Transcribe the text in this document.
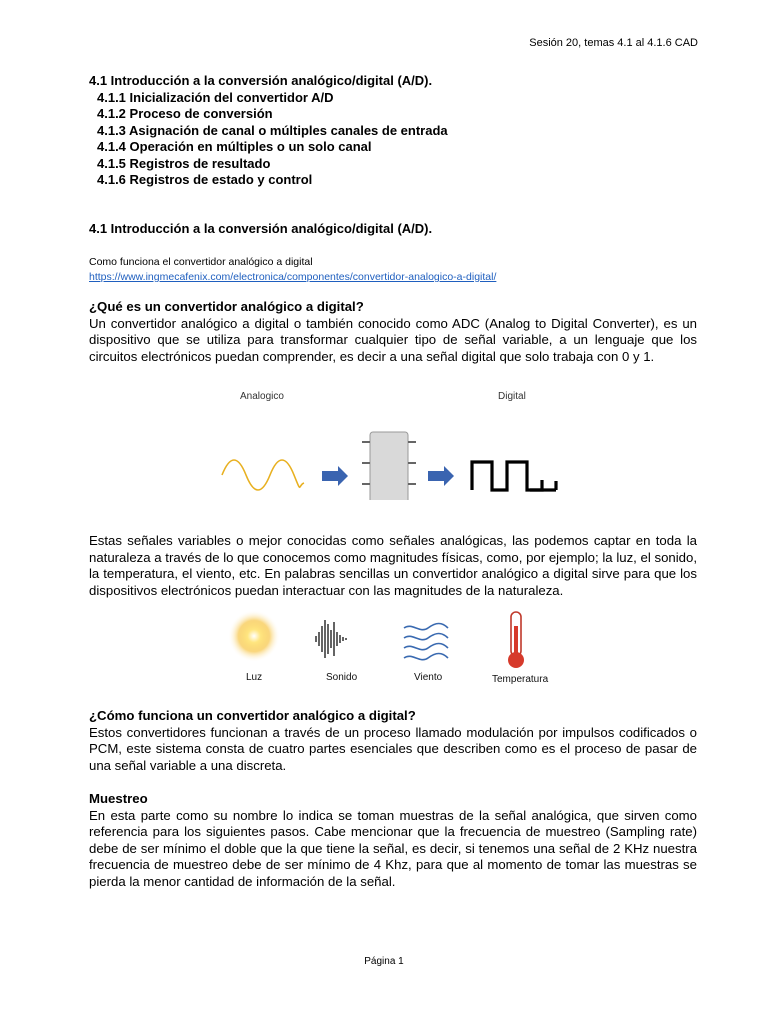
Sesión 20, temas 4.1 al 4.1.6 CAD
4.1 Introducción a la conversión analógico/digital (A/D).
4.1.1 Inicialización del convertidor A/D
4.1.2 Proceso de conversión
4.1.3 Asignación de canal o múltiples canales de entrada
4.1.4 Operación en múltiples o un solo canal
4.1.5 Registros de resultado
4.1.6 Registros de estado y control
4.1 Introducción a la conversión analógico/digital (A/D).
Como funciona el convertidor analógico a digital
https://www.ingmecafenix.com/electronica/componentes/convertidor-analogico-a-digital/
¿Qué es un convertidor analógico a digital?
Un convertidor analógico a digital o también conocido como ADC (Analog to Digital Converter), es un dispositivo que se utiliza para transformar cualquier tipo de señal variable, a un lenguaje que los circuitos electrónicos puedan comprender, es decir a una señal digital que solo trabaja con 0 y 1.
Analogico	Digital
Estas señales variables o mejor conocidas como señales analógicas, las podemos captar en toda la naturaleza a través de lo que conocemos como magnitudes físicas, como, por ejemplo; la luz, el sonido, la temperatura, el viento, etc. En palabras sencillas un convertidor analógico a digital sirve para que los dispositivos electrónicos puedan interactuar con las magnitudes de la naturaleza.
Luz	Sonido	Viento	Temperatura
¿Cómo funciona un convertidor analógico a digital?
Estos convertidores funcionan a través de un proceso llamado modulación por impulsos codificados o PCM, este sistema consta de cuatro partes esenciales que describen como es el proceso de pasar de una señal variable a una discreta.
Muestreo
En esta parte como su nombre lo indica se toman muestras de la señal analógica, que sirven como referencia para los siguientes pasos. Cabe mencionar que la frecuencia de muestreo (Sampling rate) debe de ser mínimo el doble que la que tiene la señal, es decir, si tenemos una señal de 2 KHz nuestra frecuencia de muestreo debe de ser mínimo de 4 Khz, para que al momento de tomar las muestras se pierda la menor cantidad de información de la señal.
Página 1
